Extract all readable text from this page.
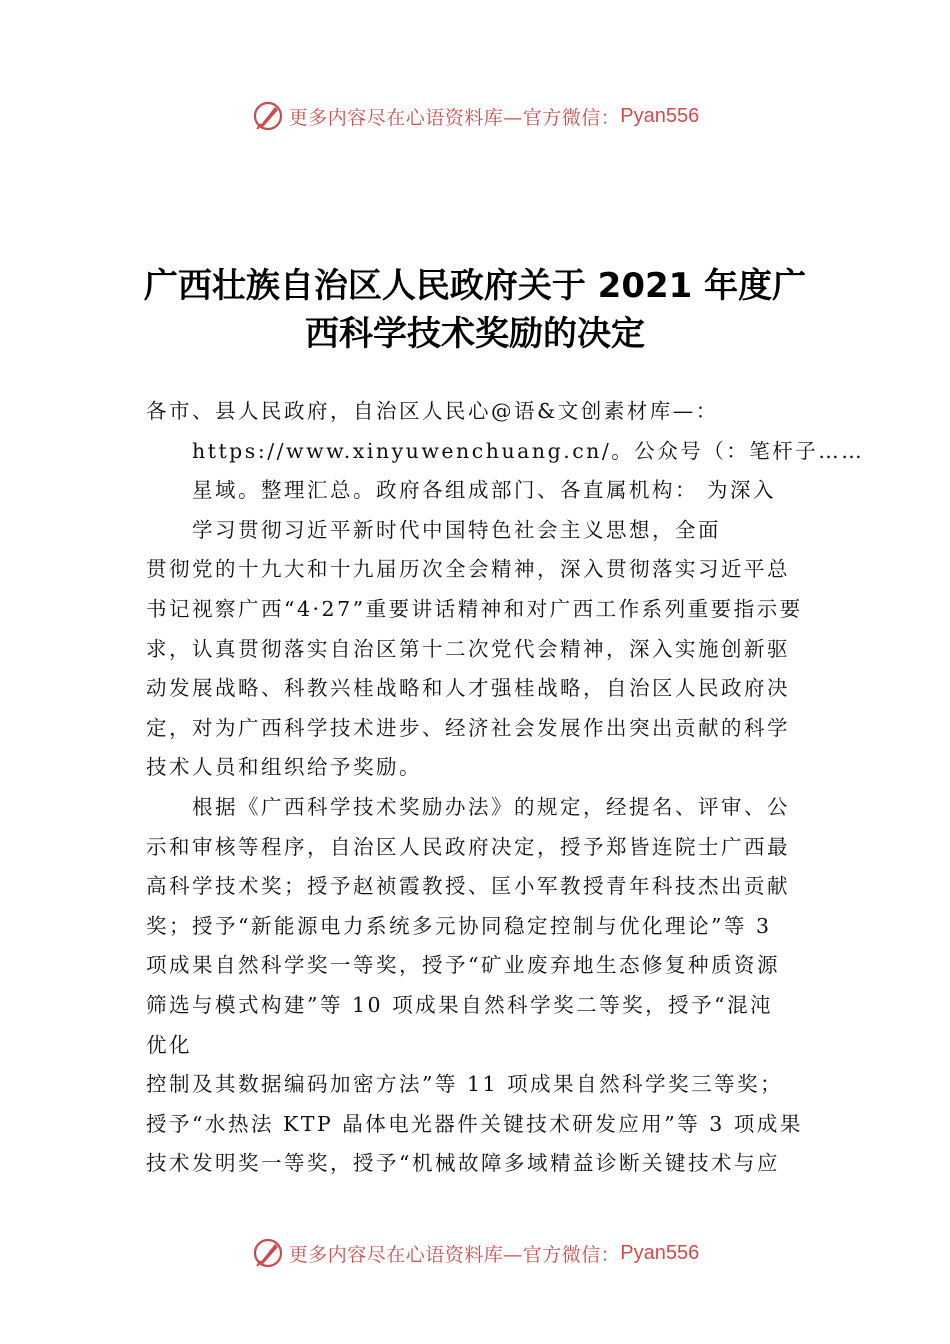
更多内容尽在心语资料库— 官方微信： Pyan556
广西壮族自治区人民政府关于 2021 年度广
西科学技术奖励的决定
各市、县人民政府，自治区人民心@语&文创素材库—：
https://www.xinyuwenchuang.cn/。公众号（：笔杆子……
星域。整理汇总。政府各组成部门、各直属机构： 为深入
学习贯彻习近平新时代中国特色社会主义思想，全面
贯彻党的十九大和十九届历次全会精神，深入贯彻落实习近平总
书记视察广西“4·27”重要讲话精神和对广西工作系列重要指示要
求，认真贯彻落实自治区第十二次党代会精神，深入实施创新驱
动发展战略、科教兴桂战略和人才强桂战略，自治区人民政府决
定，对为广西科学技术进步、经济社会发展作出突出贡献的科学
技术人员和组织给予奖励。
根据《广西科学技术奖励办法》的规定，经提名、评审、公
示和审核等程序，自治区人民政府决定，授予郑皆连院士广西最
高科学技术奖；授予赵祯霞教授、匡小军教授青年科技杰出贡献
奖；授予“新能源电力系统多元协同稳定控制与优化理论”等 3
项成果自然科学奖一等奖，授予“矿业废弃地生态修复种质资源
筛选与模式构建”等 10 项成果自然科学奖二等奖，授予“混沌
优化
控制及其数据编码加密方法”等 11 项成果自然科学奖三等奖；
授予“水热法 KTP 晶体电光器件关键技术研发应用”等 3 项成果
技术发明奖一等奖，授予“机械故障多域精益诊断关键技术与应
更多内容尽在心语资料库— 官方微信： Pyan556
